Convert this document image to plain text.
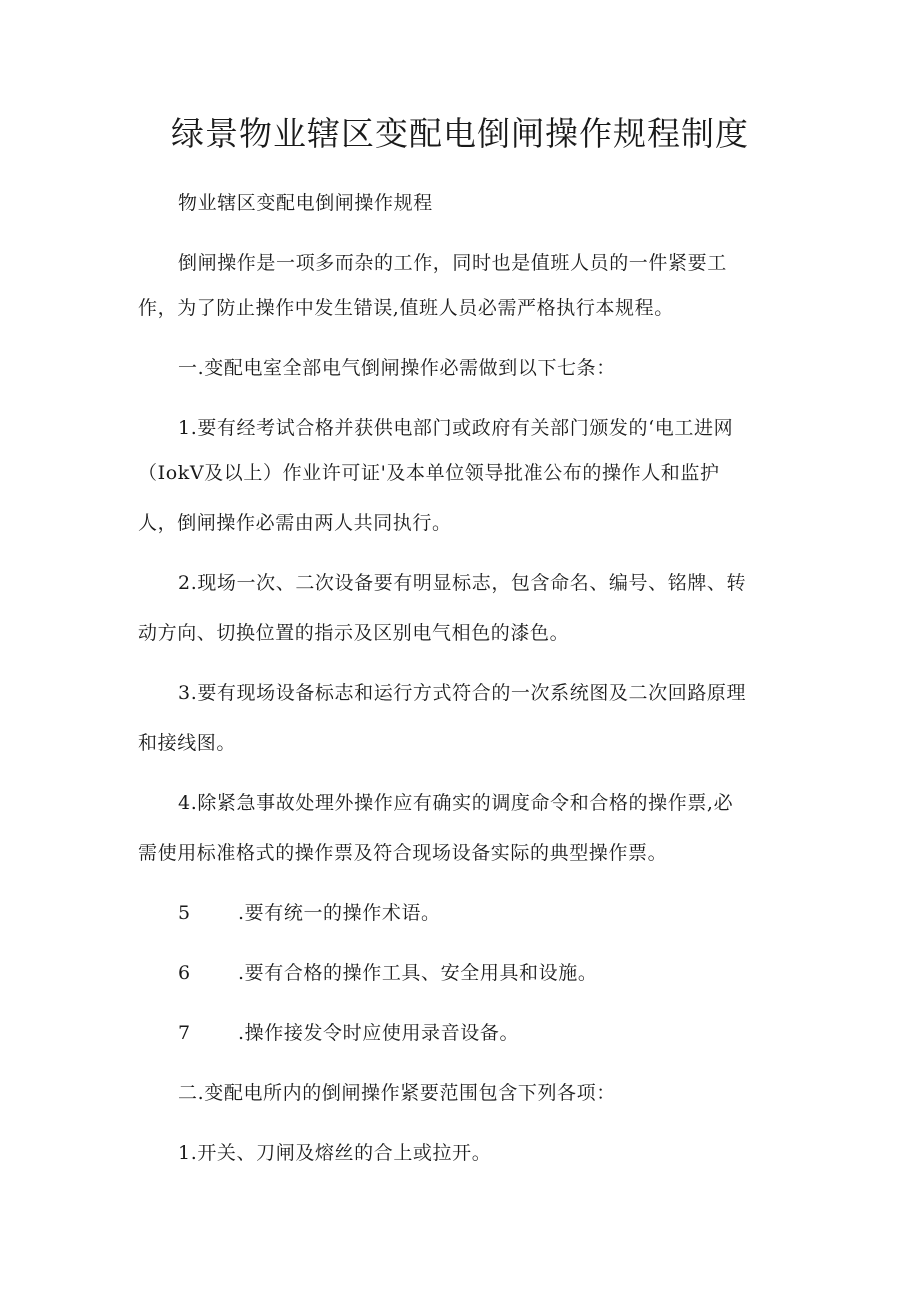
绿景物业辖区变配电倒闸操作规程制度
物业辖区变配电倒闸操作规程
倒闸操作是一项多而杂的工作，同时也是值班人员的一件紧要工
作，为了防止操作中发生错误,值班人员必需严格执行本规程。
一.变配电室全部电气倒闸操作必需做到以下七条：
1.要有经考试合格并获供电部门或政府有关部门颁发的‘电工进网
（IokV及以上）作业许可证'及本单位领导批准公布的操作人和监护
人，倒闸操作必需由两人共同执行。
2.现场一次、二次设备要有明显标志，包含命名、编号、铭牌、转
动方向、切换位置的指示及区别电气相色的漆色。
3.要有现场设备标志和运行方式符合的一次系统图及二次回路原理
和接线图。
4.除紧急事故处理外操作应有确实的调度命令和合格的操作票,必
需使用标准格式的操作票及符合现场设备实际的典型操作票。
5 .要有统一的操作术语。
6 .要有合格的操作工具、安全用具和设施。
7 .操作接发令时应使用录音设备。
二.变配电所内的倒闸操作紧要范围包含下列各项：
1.开关、刀闸及熔丝的合上或拉开。
